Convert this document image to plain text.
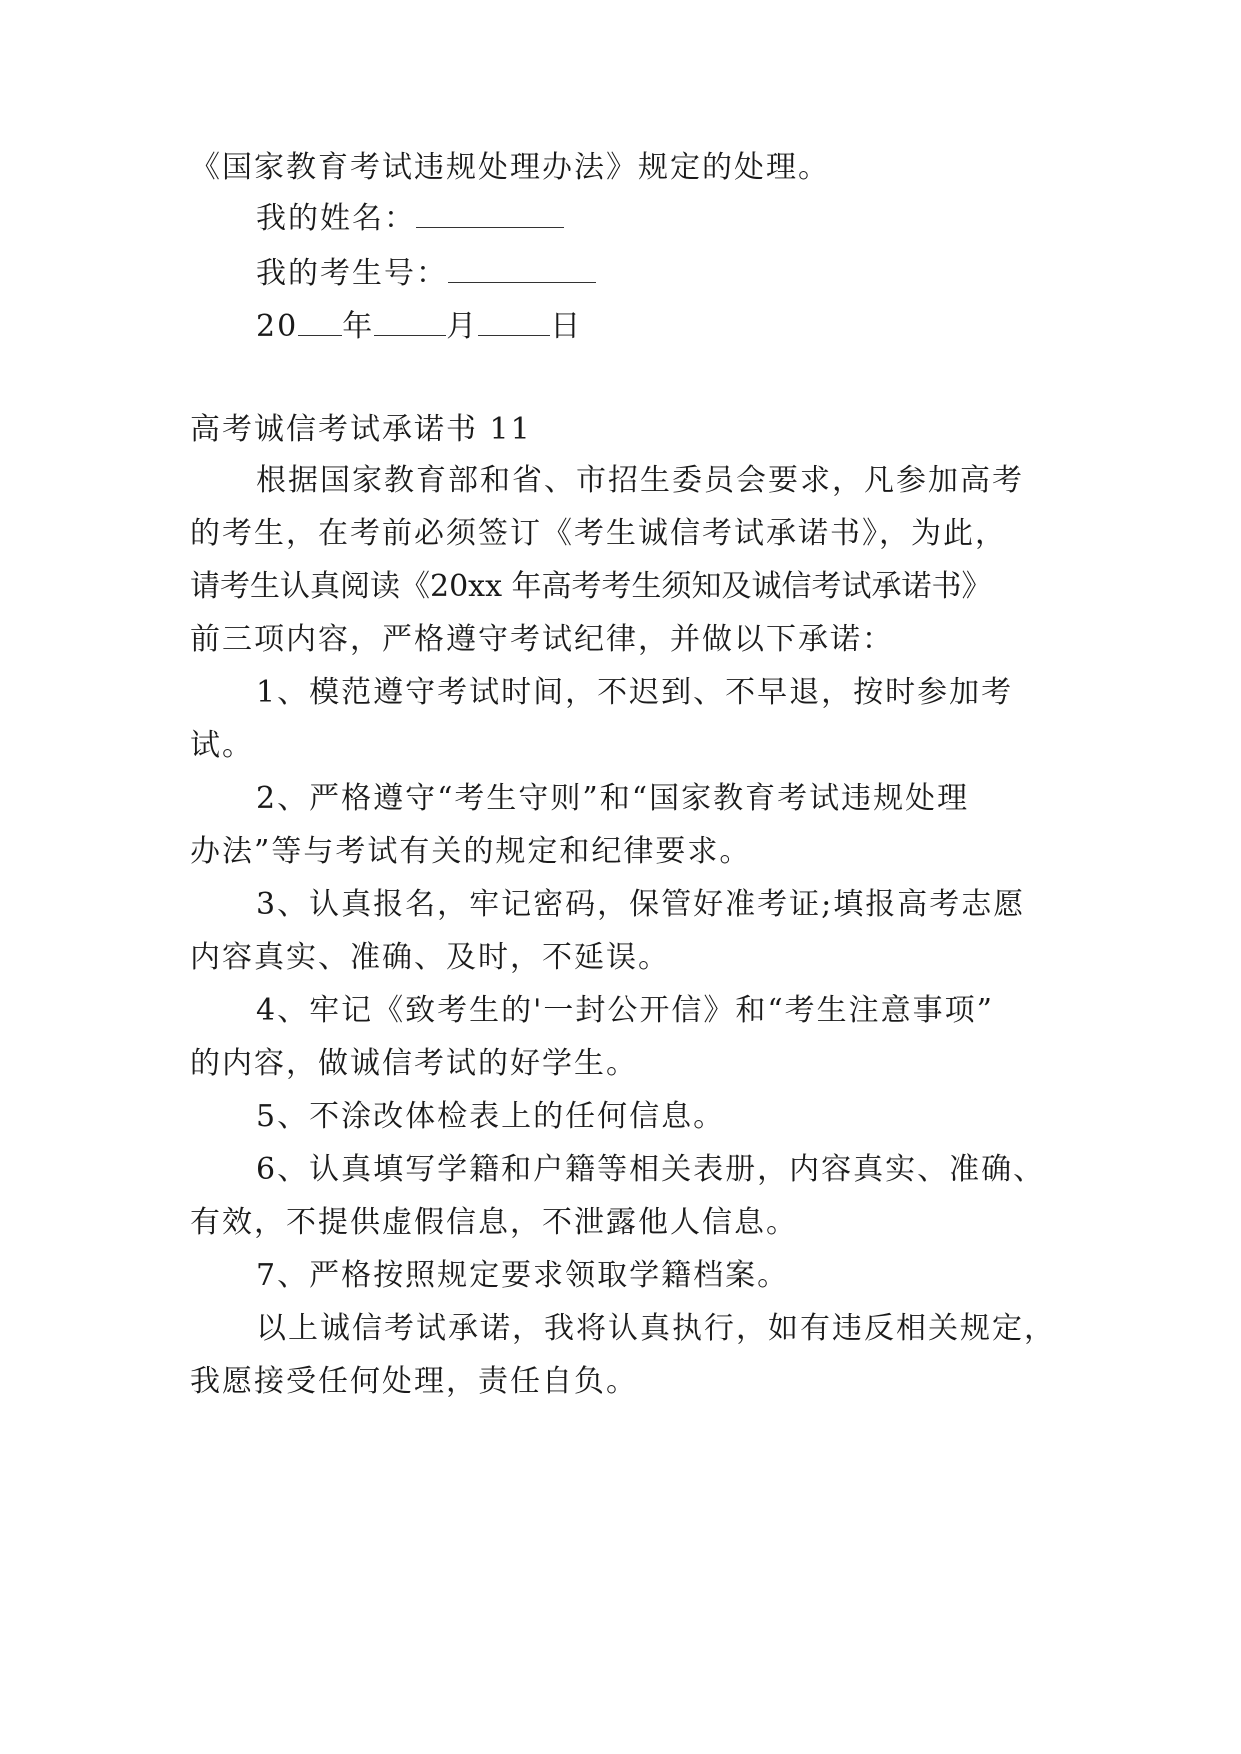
《国家教育考试违规处理办法》规定的处理。
我的姓名：
我的考生号：
20 年 月 日
高考诚信考试承诺书 11
根据国家教育部和省、市招生委员会要求，凡参加高考
的考生，在考前必须签订《考生诚信考试承诺书》，为此，
请考生认真阅读《20xx 年高考考生须知及诚信考试承诺书》
前三项内容，严格遵守考试纪律，并做以下承诺：
1、模范遵守考试时间，不迟到、不早退，按时参加考
试。
2、严格遵守“考生守则”和“国家教育考试违规处理
办法”等与考试有关的规定和纪律要求。
3、认真报名，牢记密码，保管好准考证;填报高考志愿
内容真实、准确、及时，不延误。
4、牢记《致考生的'一封公开信》和“考生注意事项”
的内容，做诚信考试的好学生。
5、不涂改体检表上的任何信息。
6、认真填写学籍和户籍等相关表册，内容真实、准确、
有效，不提供虚假信息，不泄露他人信息。
7、严格按照规定要求领取学籍档案。
以上诚信考试承诺，我将认真执行，如有违反相关规定，
我愿接受任何处理，责任自负。
